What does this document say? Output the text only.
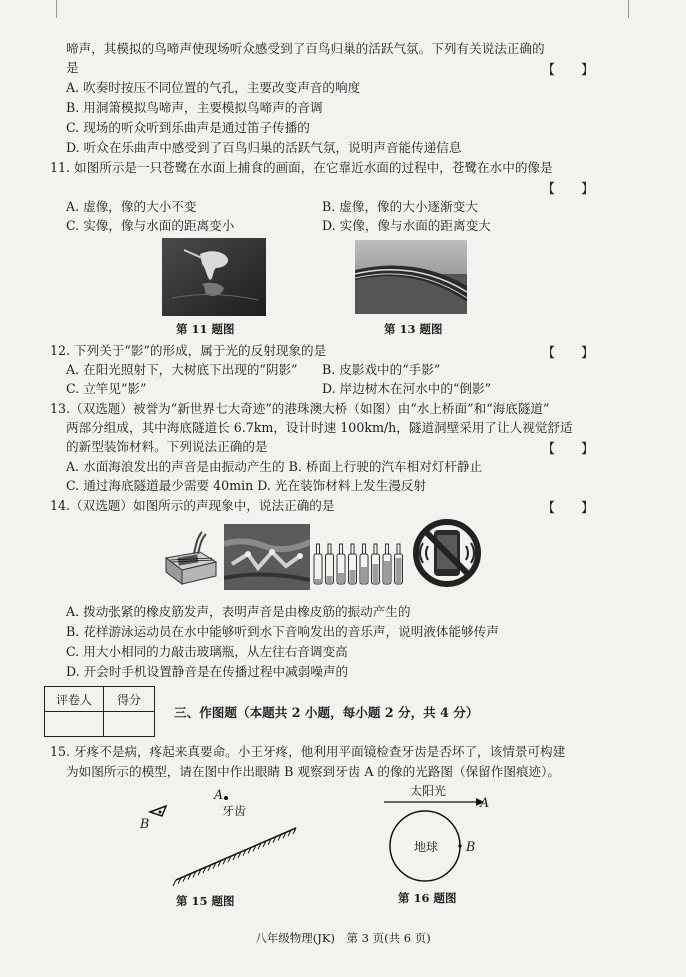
啼声，其模拟的鸟啼声使现场听众感受到了百鸟归巢的活跃气氛。下列有关说法正确的
是	【　　】
A. 吹奏时按压不同位置的气孔，主要改变声音的响度
B. 用洞箫模拟鸟啼声，主要模拟鸟啼声的音调
C. 现场的听众听到乐曲声是通过笛子传播的
D. 听众在乐曲声中感受到了百鸟归巢的活跃气氛，说明声音能传递信息
11. 如图所示是一只苍鹭在水面上捕食的画面，在它靠近水面的过程中，苍鹭在水中的像是
【　　】
A. 虚像，像的大小不变	B. 虚像，像的大小逐渐变大
C. 实像，像与水面的距离变小	D. 实像，像与水面的距离变大
第 11 题图	第 13 题图
12. 下列关于“影”的形成，属于光的反射现象的是	【　　】
A. 在阳光照射下，大树底下出现的“阴影” B. 皮影戏中的“手影”
C. 立竿见“影”	D. 岸边树木在河水中的“倒影”
13.（双选题）被誉为“新世界七大奇迹”的港珠澳大桥（如图）由“水上桥面”和“海底隧道”
两部分组成，其中海底隧道长 6.7km，设计时速 100km/h，隧道洞壁采用了让人视觉舒适
的新型装饰材料。下列说法正确的是	【　　】
A. 水面海浪发出的声音是由振动产生的 B. 桥面上行驶的汽车相对灯杆静止
C. 通过海底隧道最少需要 40min D. 光在装饰材料上发生漫反射
14.（双选题）如图所示的声现象中，说法正确的是	【　　】
A. 拨动张紧的橡皮筋发声，表明声音是由橡皮筋的振动产生的
B. 花样游泳运动员在水中能够听到水下音响发出的音乐声，说明液体能够传声
C. 用大小相同的力敲击玻璃瓶，从左往右音调变高
D. 开会时手机设置静音是在传播过程中减弱噪声的
评卷人	得分

三、作图题（本题共 2 小题，每小题 2 分，共 4 分）
15. 牙疼不是病，疼起来真要命。小王牙疼，他利用平面镜检查牙齿是否坏了，该情景可构建
为如图所示的模型，请在图中作出眼睛 B 观察到牙齿 A 的像的光路图（保留作图痕迹）。
A
牙齿
B
第 15 题图
太阳光
A
地球 B
第 16 题图
八年级物理(JK)　第 3 页(共 6 页)
